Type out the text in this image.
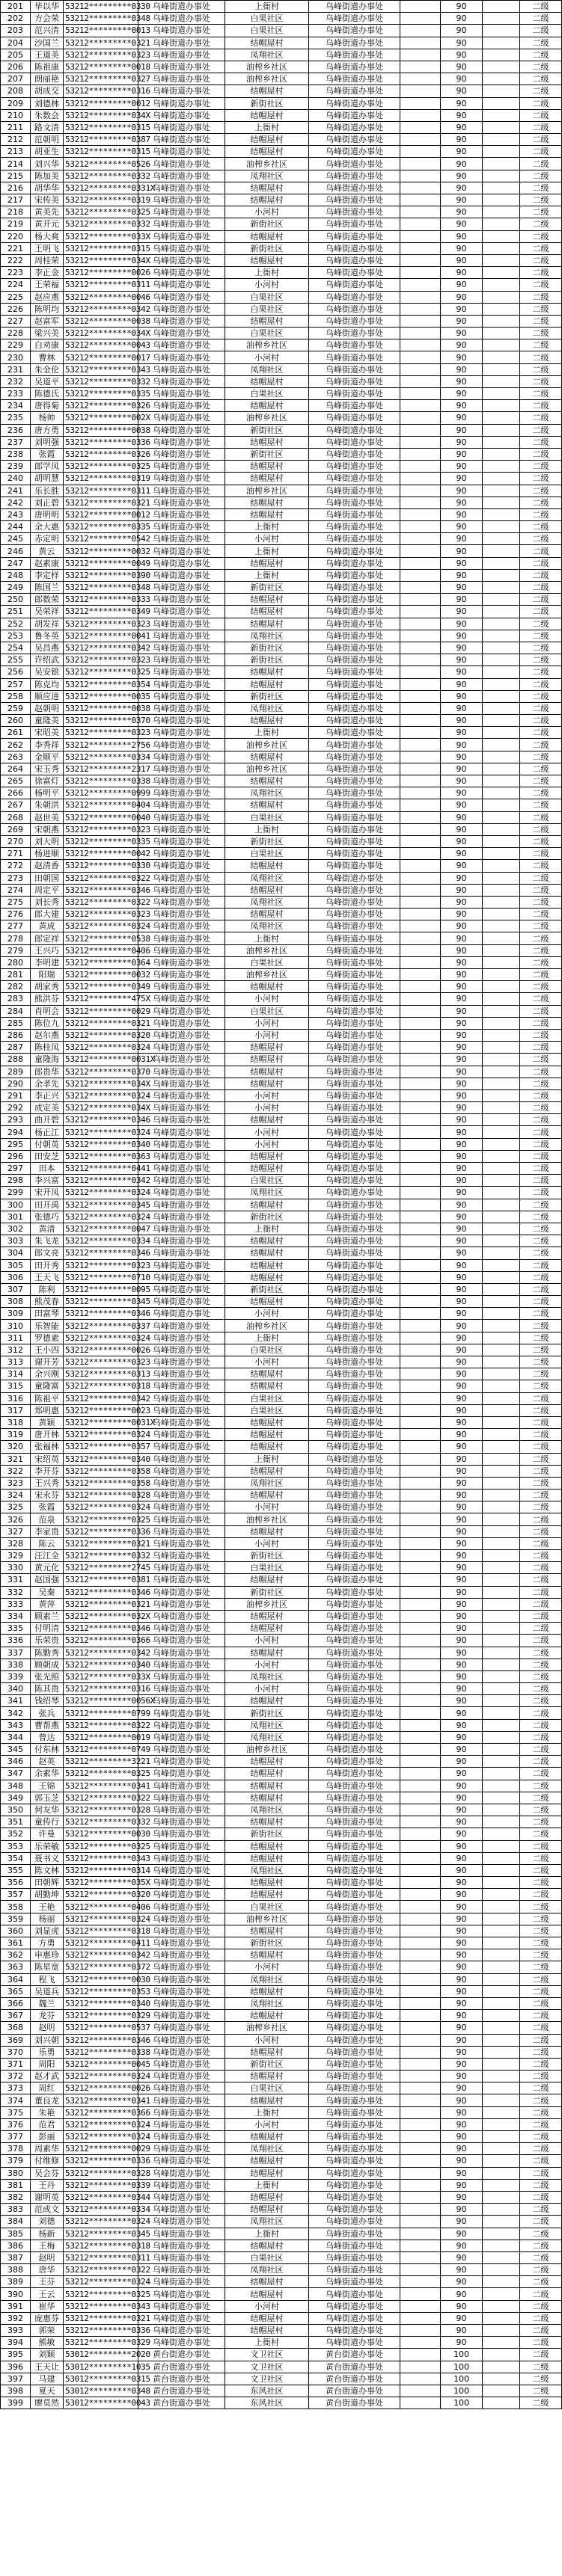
201	毕以华	53212*********0330	乌峰街道办事处	上衙村	乌峰街道办事处		90		二级
202	方会荣	53212*********0348	乌峰街道办事处	白果社区	乌峰街道办事处		90		二级
203	范兴清	53212*********0013	乌峰街道办事处	白果社区	乌峰街道办事处		90		二级
204	沙国兰	53212*********0321	乌峰街道办事处	结帽屋村	乌峰街道办事处		90		二级
205	王道美	53212*********0323	乌峰街道办事处	凤翔社区	乌峰街道办事处		90		二级
206	陈祖康	53212*********0018	乌峰街道办事处	油榨乡社区	乌峰街道办事处		90		二级
207	朗丽艳	53212*********0327	乌峰街道办事处	油榨乡社区	乌峰街道办事处		90		二级
208	胡成交	53212*********0316	乌峰街道办事处	结帽屋村	乌峰街道办事处		90		二级
209	刘德林	53212*********0012	乌峰街道办事处	新街社区	乌峰街道办事处		90		二级
210	朱数会	53212*********034X	乌峰街道办事处	结帽屋村	乌峰街道办事处		90		二级
211	路文清	53212*********0315	乌峰街道办事处	上衙村	乌峰街道办事处		90		二级
212	范朝明	53212*********0387	乌峰街道办事处	结帽屋村	乌峰街道办事处		90		二级
213	胡亚生	53212*********0315	乌峰街道办事处	结帽屋村	乌峰街道办事处		90		二级
214	刘兴华	53212*********0526	乌峰街道办事处	油榨乡社区	乌峰街道办事处		90		二级
215	陈加美	53212*********0332	乌峰街道办事处	凤翔社区	乌峰街道办事处		90		二级
216	胡华华	53212*********0331X	乌峰街道办事处	结帽屋村	乌峰街道办事处		90		二级
217	宋传美	53212*********0319	乌峰街道办事处	结帽屋村	乌峰街道办事处		90		二级
218	黄美先	53212*********0325	乌峰街道办事处	小河村	乌峰街道办事处		90		二级
219	黄开元	53212*********0332	乌峰街道办事处	新街社区	乌峰街道办事处		90		二级
220	杨大爽	53212*********033X	乌峰街道办事处	结帽屋村	乌峰街道办事处		90		二级
221	王明飞	53212*********0315	乌峰街道办事处	新街社区	乌峰街道办事处		90		二级
222	周桂荣	53212*********034X	乌峰街道办事处	结帽屋村	乌峰街道办事处		90		二级
223	李正金	53212*********0026	乌峰街道办事处	上衙村	乌峰街道办事处		90		二级
224	王荣福	53212*********0311	乌峰街道办事处	小河村	乌峰街道办事处		90		二级
225	赵应燕	53212*********0046	乌峰街道办事处	白果社区	乌峰街道办事处		90		二级
226	陈明均	53212*********0342	乌峰街道办事处	白果社区	乌峰街道办事处		90		二级
227	赵富军	53212*********0038	乌峰街道办事处	结帽屋村	乌峰街道办事处		90		二级
228	梁兴美	53212*********034X	乌峰街道办事处	白果社区	乌峰街道办事处		90		二级
229	白劝康	53212*********0043	乌峰街道办事处	油榨乡社区	乌峰街道办事处		90		二级
230	曹林	53212*********0017	乌峰街道办事处	小河村	乌峰街道办事处		90		二级
231	朱金伦	53212*********0343	乌峰街道办事处	凤翔社区	乌峰街道办事处		90		二级
232	吴道平	53212*********0332	乌峰街道办事处	结帽屋村	乌峰街道办事处		90		二级
233	陈德氏	53212*********0335	乌峰街道办事处	白果社区	乌峰街道办事处		90		二级
234	唐得菊	53212*********0326	乌峰街道办事处	结帽屋村	乌峰街道办事处		90		二级
235	杨帅	53212*********002X	乌峰街道办事处	油榨乡社区	乌峰街道办事处		90		二级
236	唐方勇	53212*********0038	乌峰街道办事处	新街社区	乌峰街道办事处		90		二级
237	刘明强	53212*********0336	乌峰街道办事处	结帽屋村	乌峰街道办事处		90		二级
238	张霞	53212*********0326	乌峰街道办事处	新街社区	乌峰街道办事处		90		二级
239	郎学凤	53212*********0325	乌峰街道办事处	结帽屋村	乌峰街道办事处		90		二级
240	胡明慧	53212*********0319	乌峰街道办事处	结帽屋村	乌峰街道办事处		90		二级
241	乐长胜	53212*********0311	乌峰街道办事处	油榨乡社区	乌峰街道办事处		90		二级
242	刘正碧	53212*********0321	乌峰街道办事处	结帽屋村	乌峰街道办事处		90		二级
243	唐明明	53212*********0012	乌峰街道办事处	结帽屋村	乌峰街道办事处		90		二级
244	余大惠	53212*********0335	乌峰街道办事处	上衙村	乌峰街道办事处		90		二级
245	赤定明	53212*********0542	乌峰街道办事处	小河村	乌峰街道办事处		90		二级
246	黄云	53212*********0032	乌峰街道办事处	上衙村	乌峰街道办事处		90		二级
247	赵素康	53212*********0049	乌峰街道办事处	结帽屋村	乌峰街道办事处		90		二级
248	李定样	53212*********0390	乌峰街道办事处	上衙村	乌峰街道办事处		90		二级
249	陈国兰	53212*********0348	乌峰街道办事处	新街社区	乌峰街道办事处		90		二级
250	郎数荣	53212*********0333	乌峰街道办事处	结帽屋村	乌峰街道办事处		90		二级
251	吴荣祥	53212*********0349	乌峰街道办事处	结帽屋村	乌峰街道办事处		90		二级
252	胡发祥	53212*********0323	乌峰街道办事处	结帽屋村	乌峰街道办事处		90		二级
253	鲁冬英	53212*********0041	乌峰街道办事处	凤翔社区	乌峰街道办事处		90		二级
254	吴昌燕	53212*********0342	乌峰街道办事处	新街社区	乌峰街道办事处		90		二级
255	许绍武	53212*********0323	乌峰街道办事处	新街社区	乌峰街道办事处		90		二级
256	吴安银	53212*********0325	乌峰街道办事处	结帽屋村	乌峰街道办事处		90		二级
257	陈克均	53212*********0354	乌峰街道办事处	结帽屋村	乌峰街道办事处		90		二级
258	顺应进	53212*********0035	乌峰街道办事处	新街社区	乌峰街道办事处		90		二级
259	赵朝明	53212*********0038	乌峰街道办事处	凤翔社区	乌峰街道办事处		90		二级
260	童隆美	53212*********0370	乌峰街道办事处	结帽屋村	乌峰街道办事处		90		二级
261	宋昭美	53212*********0323	乌峰街道办事处	上衙村	乌峰街道办事处		90		二级
262	李秀祥	53212*********2756	乌峰街道办事处	油榨乡社区	乌峰街道办事处		90		二级
263	金顺平	53212*********0334	乌峰街道办事处	结帽屋村	乌峰街道办事处		90		二级
264	宋玉秀	53212*********2317	乌峰街道办事处	油榨乡社区	乌峰街道办事处		90		二级
265	徐富灯	53212*********0338	乌峰街道办事处	结帽屋村	乌峰街道办事处		90		二级
266	杨明平	53212*********0999	乌峰街道办事处	凤翔社区	乌峰街道办事处		90		二级
267	朱朝洪	53212*********0404	乌峰街道办事处	结帽屋村	乌峰街道办事处		90		二级
268	赵世美	53212*********0040	乌峰街道办事处	白果社区	乌峰街道办事处		90		二级
269	宋朝燕	53212*********0323	乌峰街道办事处	上衙村	乌峰街道办事处		90		二级
270	刘大明	53212*********0335	乌峰街道办事处	新街社区	乌峰街道办事处		90		二级
271	杨进顺	53212*********0042	乌峰街道办事处	白果社区	乌峰街道办事处		90		二级
272	赵清香	53212*********0330	乌峰街道办事处	结帽屋村	乌峰街道办事处		90		二级
273	田朝国	53212*********0322	乌峰街道办事处	凤翔社区	乌峰街道办事处		90		二级
274	周定平	53212*********0346	乌峰街道办事处	结帽屋村	乌峰街道办事处		90		二级
275	刘长秀	53212*********0322	乌峰街道办事处	凤翔社区	乌峰街道办事处		90		二级
276	郎大建	53212*********0323	乌峰街道办事处	结帽屋村	乌峰街道办事处		90		二级
277	黄成	53212*********0324	乌峰街道办事处	凤翔社区	乌峰街道办事处		90		二级
278	郎定祥	53212*********0538	乌峰街道办事处	上衙村	乌峰街道办事处		90		二级
279	王兴巧	53212*********0406	乌峰街道办事处	油榨乡社区	乌峰街道办事处		90		二级
280	李明建	53212*********0364	乌峰街道办事处	白果社区	乌峰街道办事处		90		二级
281	阳瑞	53212*********0032	乌峰街道办事处	油榨乡社区	乌峰街道办事处		90		二级
282	胡家秀	53212*********0349	乌峰街道办事处	结帽屋村	乌峰街道办事处		90		二级
283	熊洪芬	53212*********475X	乌峰街道办事处	小河村	乌峰街道办事处		90		二级
284	肖明会	53212*********0029	乌峰街道办事处	白果社区	乌峰街道办事处		90		二级
285	陈位九	53212*********0321	乌峰街道办事处	小河村	乌峰街道办事处		90		二级
286	赵尔燕	53212*********0320	乌峰街道办事处	小河村	乌峰街道办事处		90		二级
287	陈桂凤	53212*********0324	乌峰街道办事处	结帽屋村	乌峰街道办事处		90		二级
288	童隆海	53212*********0031X	乌峰街道办事处	结帽屋村	乌峰街道办事处		90		二级
289	郎贵华	53212*********0370	乌峰街道办事处	结帽屋村	乌峰街道办事处		90		二级
290	余孝先	53212*********034X	乌峰街道办事处	结帽屋村	乌峰街道办事处		90		二级
291	李正兴	53212*********0324	乌峰街道办事处	小河村	乌峰街道办事处		90		二级
292	成定美	53212*********034X	乌峰街道办事处	小河村	乌峰街道办事处		90		二级
293	曲开碧	53212*********0346	乌峰街道办事处	结帽屋村	乌峰街道办事处		90		二级
294	杨正江	53212*********0324	乌峰街道办事处	小河村	乌峰街道办事处		90		二级
295	付朝英	53212*********0340	乌峰街道办事处	小河村	乌峰街道办事处		90		二级
296	田安芝	53212*********0363	乌峰街道办事处	结帽屋村	乌峰街道办事处		90		二级
297	田本	53212*********0441	乌峰街道办事处	结帽屋村	乌峰街道办事处		90		二级
298	李兴富	53212*********0342	乌峰街道办事处	白果社区	乌峰街道办事处		90		二级
299	宋开凤	53212*********0324	乌峰街道办事处	凤翔社区	乌峰街道办事处		90		二级
300	田开禹	53212*********0345	乌峰街道办事处	结帽屋村	乌峰街道办事处		90		二级
301	张德巧	53212*********0324	乌峰街道办事处	新街社区	乌峰街道办事处		90		二级
302	黄清	53212*********0047	乌峰街道办事处	上衙村	乌峰街道办事处		90		二级
303	朱飞龙	53212*********0334	乌峰街道办事处	结帽屋村	乌峰街道办事处		90		二级
304	郎文亮	53212*********0346	乌峰街道办事处	结帽屋村	乌峰街道办事处		90		二级
305	田开秀	53212*********0323	乌峰街道办事处	结帽屋村	乌峰街道办事处		90		二级
306	王天飞	53212*********0710	乌峰街道办事处	结帽屋村	乌峰街道办事处		90		二级
307	陈利	53212*********0095	乌峰街道办事处	新街社区	乌峰街道办事处		90		二级
308	熊茂春	53212*********0345	乌峰街道办事处	结帽屋村	乌峰街道办事处		90		二级
309	田富琴	53212*********0346	乌峰街道办事处	小河村	乌峰街道办事处		90		二级
310	乐智能	53212*********0337	乌峰街道办事处	油榨乡社区	乌峰街道办事处		90		二级
311	罗德素	53212*********0324	乌峰街道办事处	上衙村	乌峰街道办事处		90		二级
312	王小四	53212*********0026	乌峰街道办事处	白果社区	乌峰街道办事处		90		二级
313	谢开芳	53212*********0323	乌峰街道办事处	小河村	乌峰街道办事处		90		二级
314	余兴刚	53212*********0313	乌峰街道办事处	结帽屋村	乌峰街道办事处		90		二级
315	童隆富	53212*********0318	乌峰街道办事处	结帽屋村	乌峰街道办事处		90		二级
316	陈祖平	53212*********0342	乌峰街道办事处	白果社区	乌峰街道办事处		90		二级
317	郑明惠	53212*********0023	乌峰街道办事处	白果社区	乌峰街道办事处		90		二级
318	黄颖	53212*********0031X	乌峰街道办事处	结帽屋村	乌峰街道办事处		90		二级
319	唐开林	53212*********0324	乌峰街道办事处	结帽屋村	乌峰街道办事处		90		二级
320	张福林	53212*********0357	乌峰街道办事处	结帽屋村	乌峰街道办事处		90		二级
321	宋绍英	53212*********0340	乌峰街道办事处	上衙村	乌峰街道办事处		90		二级
322	李开芬	53212*********0358	乌峰街道办事处	结帽屋村	乌峰街道办事处		90		二级
323	王兴秀	53212*********0358	乌峰街道办事处	凤翔社区	乌峰街道办事处		90		二级
324	宋永芬	53212*********0328	乌峰街道办事处	结帽屋村	乌峰街道办事处		90		二级
325	张霞	53212*********0324	乌峰街道办事处	小河村	乌峰街道办事处		90		二级
326	范泉	53212*********0325	乌峰街道办事处	油榨乡社区	乌峰街道办事处		90		二级
327	李家贵	53212*********0336	乌峰街道办事处	结帽屋村	乌峰街道办事处		90		二级
328	陈云	53212*********0321	乌峰街道办事处	小河村	乌峰街道办事处		90		二级
329	汪江全	53212*********0332	乌峰街道办事处	新街社区	乌峰街道办事处		90		二级
330	黄元化	53212*********2745	乌峰街道办事处	白果社区	乌峰街道办事处		90		二级
331	赵国强	53212*********0381	乌峰街道办事处	结帽屋村	乌峰街道办事处		90		二级
332	吴秦	53212*********0346	乌峰街道办事处	新街社区	乌峰街道办事处		90		二级
333	黄萍	53212*********0321	乌峰街道办事处	油榨乡社区	乌峰街道办事处		90		二级
334	顾素兰	53212*********032X	乌峰街道办事处	结帽屋村	乌峰街道办事处		90		二级
335	付明清	53212*********0346	乌峰街道办事处	结帽屋村	乌峰街道办事处		90		二级
336	乐荣贵	53212*********0366	乌峰街道办事处	小河村	乌峰街道办事处		90		二级
337	陈勤秀	53212*********0342	乌峰街道办事处	结帽屋村	乌峰街道办事处		90		二级
338	顾朝成	53212*********0340	乌峰街道办事处	小河村	乌峰街道办事处		90		二级
339	张光照	53212*********033X	乌峰街道办事处	凤翔社区	乌峰街道办事处		90		二级
340	陈其贵	53212*********0316	乌峰街道办事处	小河村	乌峰街道办事处		90		二级
341	钱绍琴	53212*********0056X	乌峰街道办事处	结帽屋村	乌峰街道办事处		90		二级
342	张兵	53212*********0799	乌峰街道办事处	新街社区	乌峰街道办事处		90		二级
343	曹帮燕	53212*********0322	乌峰街道办事处	凤翔社区	乌峰街道办事处		90		二级
344	曾达	53212*********0019	乌峰街道办事处	凤翔社区	乌峰街道办事处		90		二级
345	付东林	53212*********0749	乌峰街道办事处	油榨乡社区	乌峰街道办事处		90		二级
346	赵英	53212*********3221	乌峰街道办事处	结帽屋村	乌峰街道办事处		90		二级
347	余素华	53212*********0325	乌峰街道办事处	结帽屋村	乌峰街道办事处		90		二级
348	王锦	53212*********0341	乌峰街道办事处	结帽屋村	乌峰街道办事处		90		二级
349	郭玉芝	53212*********0322	乌峰街道办事处	结帽屋村	乌峰街道办事处		90		二级
350	何友华	53212*********0328	乌峰街道办事处	凤翔社区	乌峰街道办事处		90		二级
351	童传行	53212*********0332	乌峰街道办事处	结帽屋村	乌峰街道办事处		90		二级
352	许曼	53212*********0030	乌峰街道办事处	新街社区	乌峰街道办事处		90		二级
353	乐荣敏	53212*********0325	乌峰街道办事处	结帽屋村	乌峰街道办事处		90		二级
354	聂书义	53212*********0343	乌峰街道办事处	结帽屋村	乌峰街道办事处		90		二级
355	陈文林	53212*********0314	乌峰街道办事处	凤翔社区	乌峰街道办事处		90		二级
356	田朝辉	53212*********035X	乌峰街道办事处	结帽屋村	乌峰街道办事处		90		二级
357	胡勤坤	53212*********0320	乌峰街道办事处	结帽屋村	乌峰街道办事处		90		二级
358	王艳	53212*********0406	乌峰街道办事处	白果社区	乌峰街道办事处		90		二级
359	杨丽	53212*********0324	乌峰街道办事处	油榨乡社区	乌峰街道办事处		90		二级
360	刘显虎	53212*********0318	乌峰街道办事处	结帽屋村	乌峰街道办事处		90		二级
361	方勇	53212*********0411	乌峰街道办事处	新街社区	乌峰街道办事处		90		二级
362	申惠珍	53212*********0342	乌峰街道办事处	结帽屋村	乌峰街道办事处		90		二级
363	陈星宽	53212*********0372	乌峰街道办事处	小河村	乌峰街道办事处		90		二级
364	程飞	53212*********0030	乌峰街道办事处	凤翔社区	乌峰街道办事处		90		二级
365	吴道兵	53212*********0353	乌峰街道办事处	结帽屋村	乌峰街道办事处		90		二级
366	魏兰	53212*********0340	乌峰街道办事处	凤翔社区	乌峰街道办事处		90		二级
367	龙芬	53212*********0329	乌峰街道办事处	结帽屋村	乌峰街道办事处		90		二级
368	赵明	53212*********0537	乌峰街道办事处	油榨乡社区	乌峰街道办事处		90		二级
369	刘兴朝	53212*********0346	乌峰街道办事处	小河村	乌峰街道办事处		90		二级
370	乐勇	53212*********0338	乌峰街道办事处	结帽屋村	乌峰街道办事处		90		二级
371	周阳	53212*********0045	乌峰街道办事处	新街社区	乌峰街道办事处		90		二级
372	赵才武	53212*********0324	乌峰街道办事处	结帽屋村	乌峰街道办事处		90		二级
373	周红	53212*********0026	乌峰街道办事处	白果社区	乌峰街道办事处		90		二级
374	董良龙	53212*********0341	乌峰街道办事处	结帽屋村	乌峰街道办事处		90		二级
375	朱艳	53212*********0366	乌峰街道办事处	上衙村	乌峰街道办事处		90		二级
376	范君	53212*********0324	乌峰街道办事处	小河村	乌峰街道办事处		90		二级
377	彭丽	53212*********0324	乌峰街道办事处	结帽屋村	乌峰街道办事处		90		二级
378	周素华	53212*********0029	乌峰街道办事处	凤翔社区	乌峰街道办事处		90		二级
379	付维修	53212*********0336	乌峰街道办事处	结帽屋村	乌峰街道办事处		90		二级
380	吴会芬	53212*********0328	乌峰街道办事处	结帽屋村	乌峰街道办事处		90		二级
381	王丹	53212*********0339	乌峰街道办事处	上衙村	乌峰街道办事处		90		二级
382	谢明英	53212*********0344	乌峰街道办事处	结帽屋村	乌峰街道办事处		90		二级
383	范成文	53212*********0334	乌峰街道办事处	结帽屋村	乌峰街道办事处		90		二级
384	刘德	53212*********0324	乌峰街道办事处	凤翔社区	乌峰街道办事处		90		二级
385	杨新	53212*********0345	乌峰街道办事处	上衙村	乌峰街道办事处		90		二级
386	王梅	53212*********0318	乌峰街道办事处	结帽屋村	乌峰街道办事处		90		二级
387	赵明	53212*********0311	乌峰街道办事处	白果社区	乌峰街道办事处		90		二级
388	唐华	53212*********0322	乌峰街道办事处	凤翔社区	乌峰街道办事处		90		二级
389	王芬	53212*********0324	乌峰街道办事处	结帽屋村	乌峰街道办事处		90		二级
390	王云	53212*********0325	乌峰街道办事处	结帽屋村	乌峰街道办事处		90		二级
391	崔华	53212*********0343	乌峰街道办事处	小河村	乌峰街道办事处		90		二级
392	庞惠芬	53212*********0321	乌峰街道办事处	结帽屋村	乌峰街道办事处		90		二级
393	郭荣	53212*********0336	乌峰街道办事处	结帽屋村	乌峰街道办事处		90		二级
394	熊敏	53212*********0329	乌峰街道办事处	上衙村	乌峰街道办事处		90		二级
395	刘颖	53012*********2020	黄台街道办事处	文卫社区	黄台街道办事处		100		二级
396	王天让	53012*********1035	黄台街道办事处	文卫社区	黄台街道办事处		100		二级
397	马建	53012*********0315	黄台街道办事处	文卫社区	黄台街道办事处		100		二级
398	夏天	53012*********0348	黄台街道办事处	东风社区	黄台街道办事处		100		二级
399	廖莫然	53012*********0043	黄台街道办事处	东风社区	黄台街道办事处		100		二级
